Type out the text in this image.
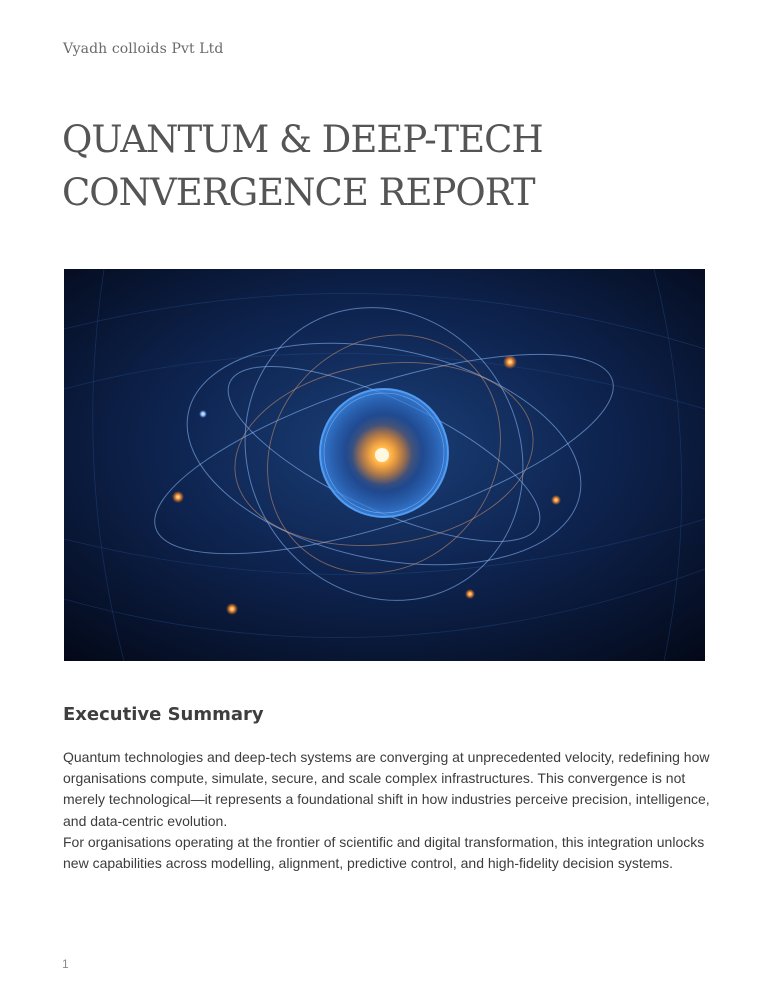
Vyadh colloids Pvt Ltd
QUANTUM & DEEP-TECH
CONVERGENCE REPORT
Executive Summary

Quantum technologies and deep-tech systems are converging at unprecedented velocity, redefining how organisations compute, simulate, secure, and scale complex infrastructures. This convergence is not merely technological—it represents a foundational shift in how industries perceive precision, intelligence, and data-centric evolution.

For organisations operating at the frontier of scientific and digital transformation, this integration unlocks new capabilities across modelling, alignment, predictive control, and high-fidelity decision systems.

1
